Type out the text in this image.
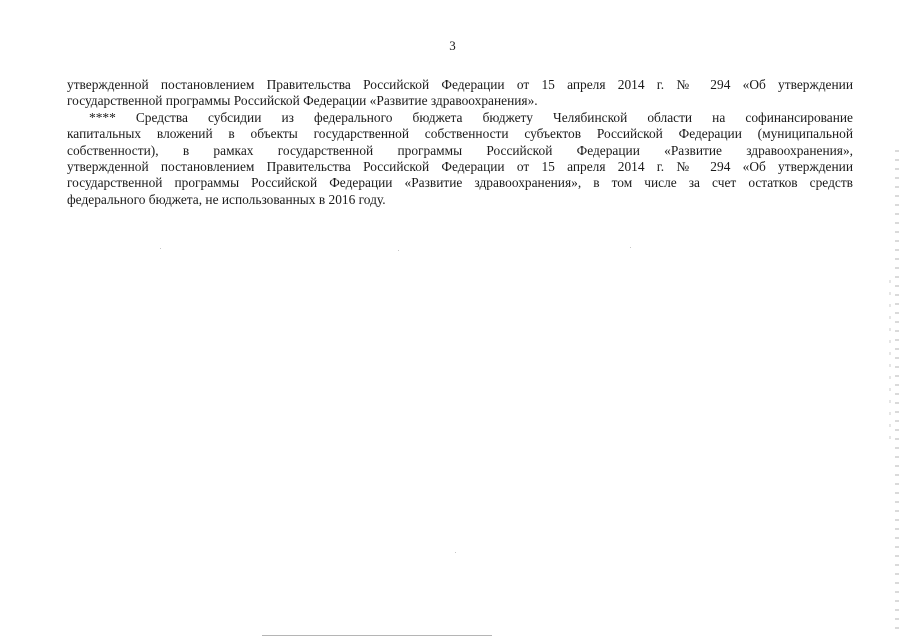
3
утвержденной постановлением Правительства Российской Федерации от 15 апреля 2014 г. № 294 «Об утверждении
государственной программы Российской Федерации «Развитие здравоохранения».
**** Средства субсидии из федерального бюджета бюджету Челябинской области на софинансирование
капитальных вложений в объекты государственной собственности субъектов Российской Федерации (муниципальной
собственности), в рамках государственной программы Российской Федерации «Развитие здравоохранения»,
утвержденной постановлением Правительства Российской Федерации от 15 апреля 2014 г. № 294 «Об утверждении
государственной программы Российской Федерации «Развитие здравоохранения», в том числе за счет остатков средств
федерального бюджета, не использованных в 2016 году.
